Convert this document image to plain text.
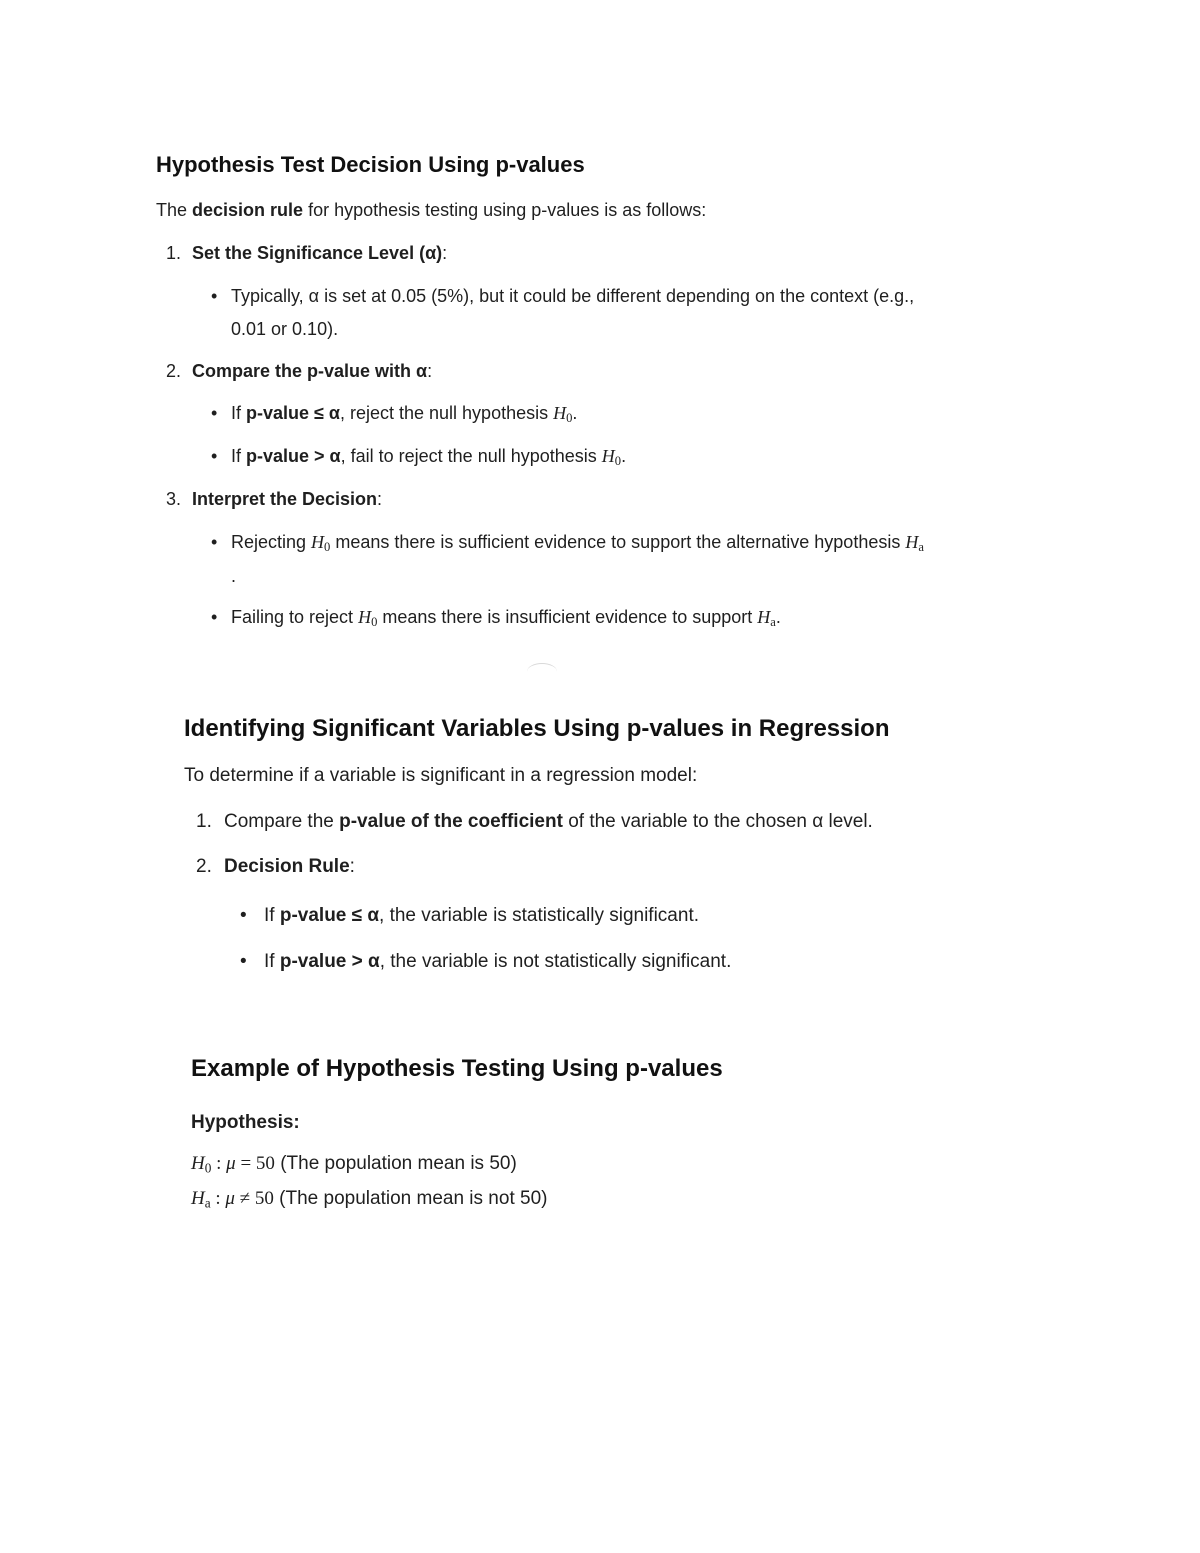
Hypothesis Test Decision Using p-values
The decision rule for hypothesis testing using p-values is as follows:
1. Set the Significance Level (α):
• Typically, α is set at 0.05 (5%), but it could be different depending on the context (e.g.,
0.01 or 0.10).
2. Compare the p-value with α:
• If p-value ≤ α, reject the null hypothesis $H_0$.
• If p-value > α, fail to reject the null hypothesis $H_0$.
3. Interpret the Decision:
• Rejecting $H_0$ means there is sufficient evidence to support the alternative hypothesis $H_a$
.
• Failing to reject $H_0$ means there is insufficient evidence to support $H_a$.
Identifying Significant Variables Using p-values in Regression
To determine if a variable is significant in a regression model:
1. Compare the p-value of the coefficient of the variable to the chosen α level.
2. Decision Rule:
• If p-value ≤ α, the variable is statistically significant.
• If p-value > α, the variable is not statistically significant.
Example of Hypothesis Testing Using p-values
Hypothesis:
$H_0$ : μ = 50 (The population mean is 50)
$H_a$ : μ ≠ 50 (The population mean is not 50)
